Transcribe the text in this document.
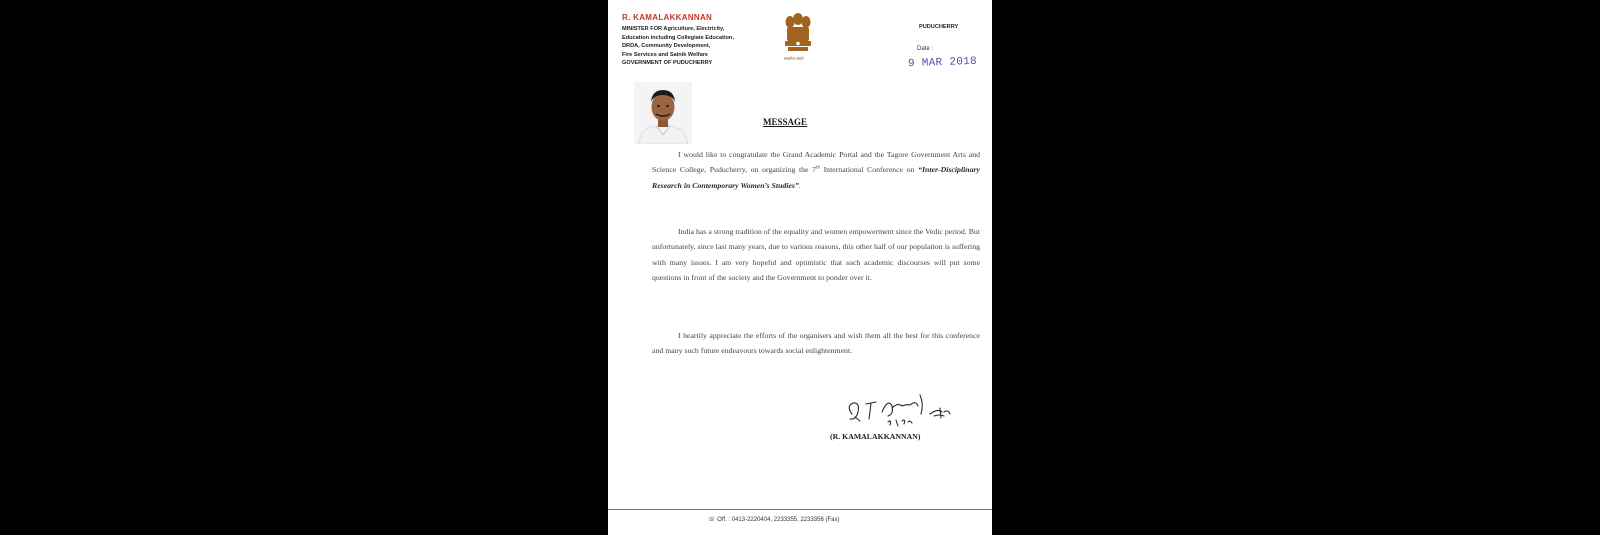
R. KAMALAKKANNAN
MINISTER FOR Agriculture, Electricity,
Education including Collegiate Education,
DRDA, Community Development,
Fire Services and Sainik Welfare
GOVERNMENT OF PUDUCHERRY
सत्यमेव जयते
PUDUCHERRY
Date :
9 MAR 2018
MESSAGE
I would like to congratulate the Grand Academic Portal and the Tagore Government Arts and Science College, Puducherry, on organizing the 7th International Conference on “Inter-Disciplinary Research in Contemporary Women’s Studies”.
India has a strong tradition of the equality and women empowerment since the Vedic period. But unfortunately, since last many years, due to various reasons, this other half of our population is suffering with many issues. I am very hopeful and optimistic that such academic discourses will put some questions in front of the society and the Government to ponder over it.
I heartily appreciate the efforts of the organisers and wish them all the best for this conference and many such future endeavours towards social enlightenment.
(R. KAMALAKKANNAN)
☏ Off. : 0413-2220404, 2233355, 2233356 (Fax)
